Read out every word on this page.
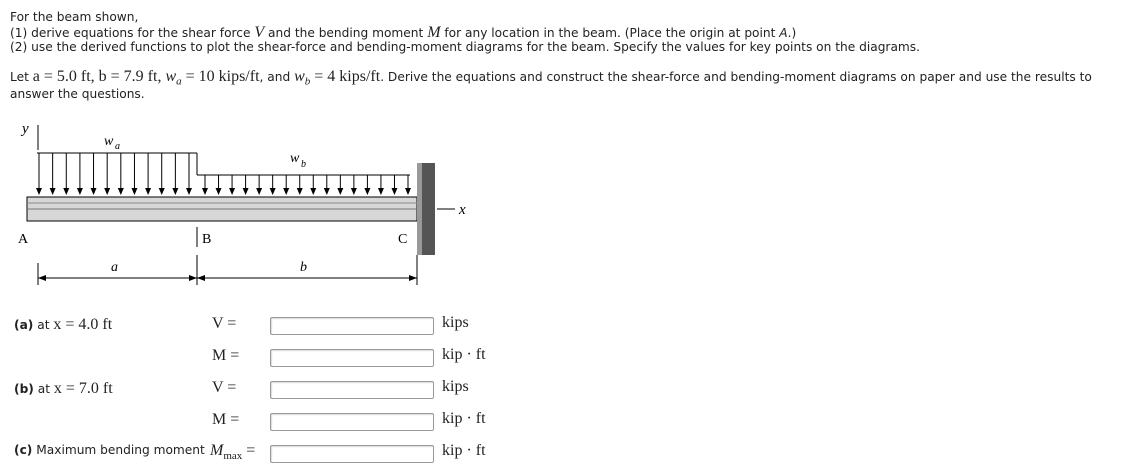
For the beam shown,
(1) derive equations for the shear force V and the bending moment M for any location in the beam. (Place the origin at point A.)
(2) use the derived functions to plot the shear-force and bending-moment diagrams for the beam. Specify the values for key points on the diagrams.
Let a = 5.0 ft, b = 7.9 ft, $w_a = 10$ kips/ft, and $w_b = 4$ kips/ft. Derive the equations and construct the shear-force and bending-moment diagrams on paper and use the results to
answer the questions.
y
w a
w b
x
A	B	C
a	b
(a) at x = 4.0 ft
(b) at x = 7.0 ft
(c) Maximum bending moment
V =	kips
M =	kip · ft
V =	kips
M =	kip · ft
$M_{max}$ =	kip · ft
